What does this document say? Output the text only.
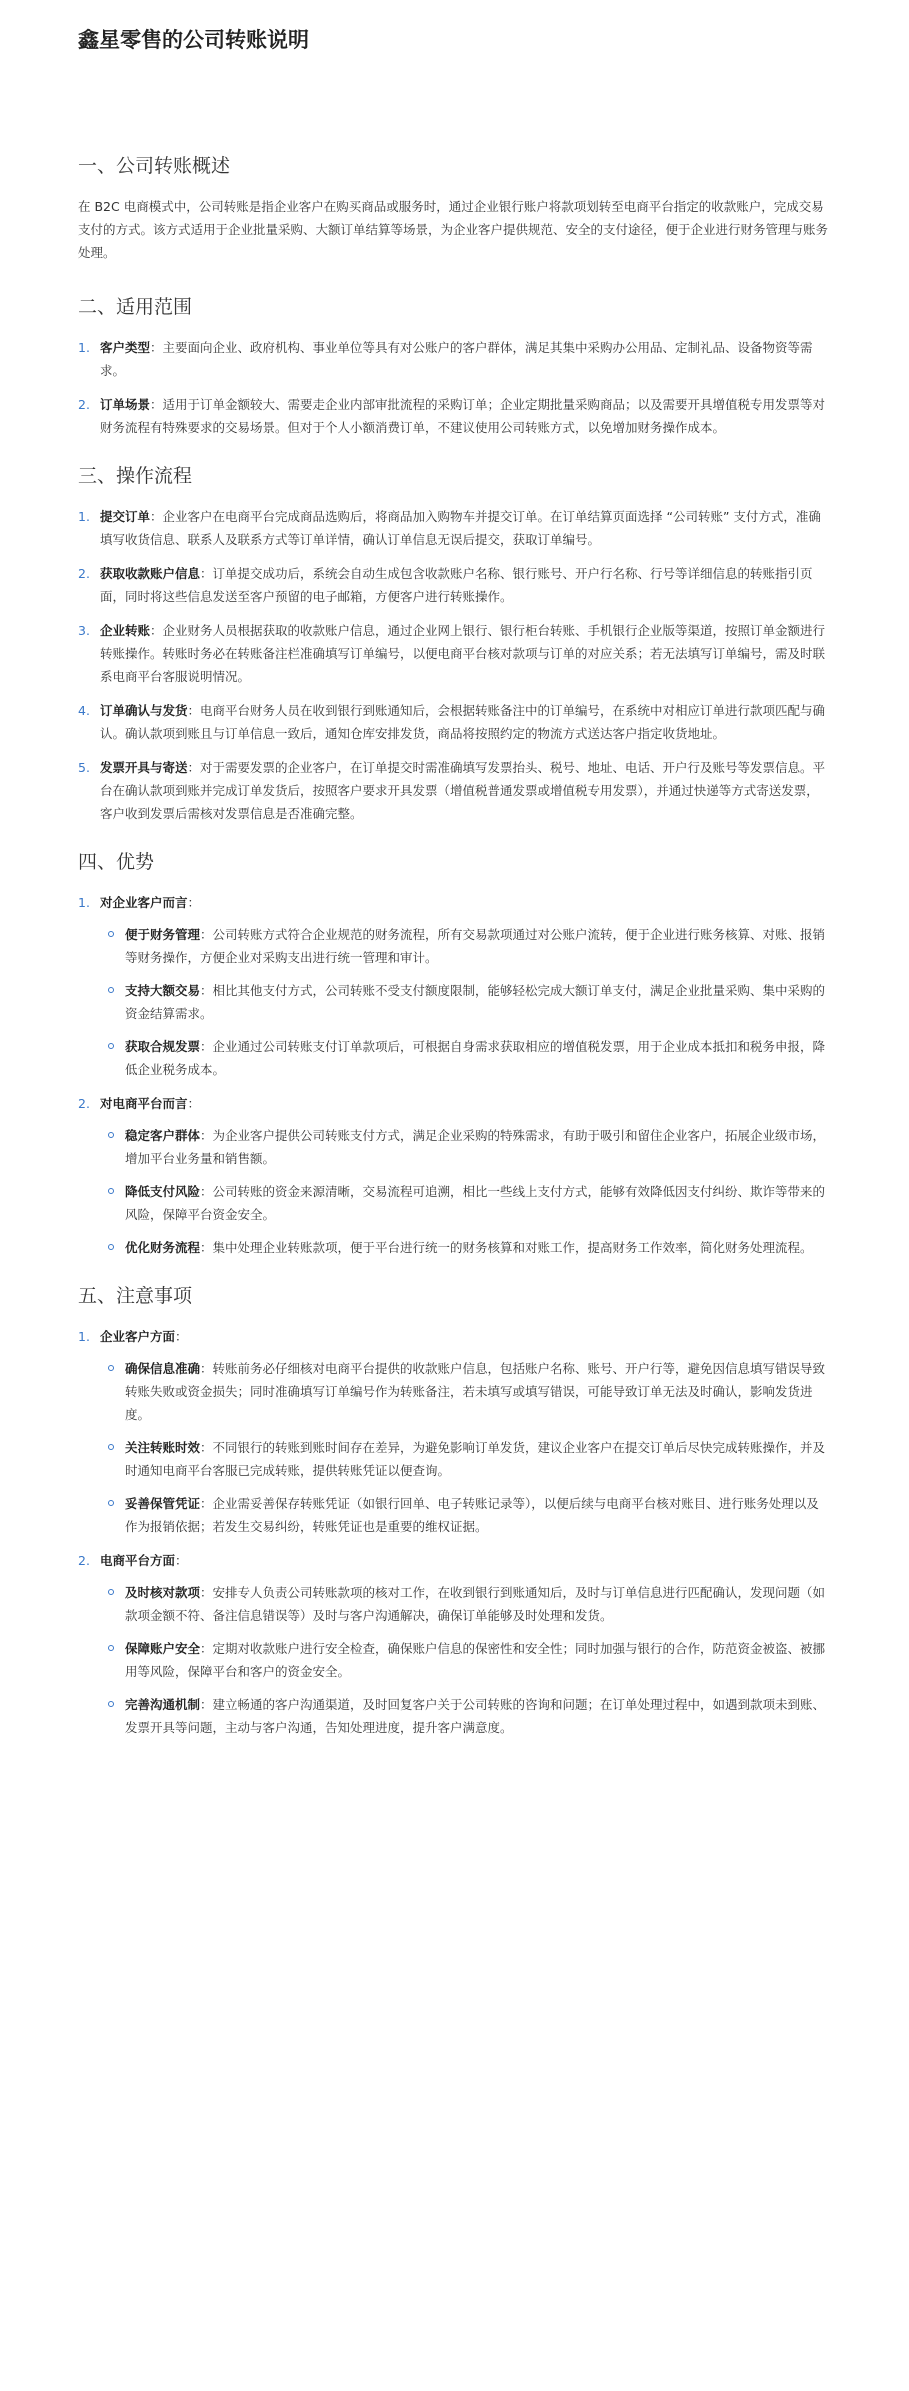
鑫星零售的公司转账说明
一、公司转账概述

在 B2C 电商模式中，公司转账是指企业客户在购买商品或服务时，通过企业银行账户将款项划转至电商平台指定的收款账户，完成交易支付的方式。该方式适用于企业批量采购、大额订单结算等场景，为企业客户提供规范、安全的支付途径，便于企业进行财务管理与账务处理。

二、适用范围
客户类型：主要面向企业、政府机构、事业单位等具有对公账户的客户群体，满足其集中采购办公用品、定制礼品、设备物资等需求。
订单场景：适用于订单金额较大、需要走企业内部审批流程的采购订单；企业定期批量采购商品；以及需要开具增值税专用发票等对财务流程有特殊要求的交易场景。但对于个人小额消费订单，不建议使用公司转账方式，以免增加财务操作成本。
三、操作流程
提交订单：企业客户在电商平台完成商品选购后，将商品加入购物车并提交订单。在订单结算页面选择 “公司转账” 支付方式，准确填写收货信息、联系人及联系方式等订单详情，确认订单信息无误后提交，获取订单编号。
获取收款账户信息：订单提交成功后，系统会自动生成包含收款账户名称、银行账号、开户行名称、行号等详细信息的转账指引页面，同时将这些信息发送至客户预留的电子邮箱，方便客户进行转账操作。
企业转账：企业财务人员根据获取的收款账户信息，通过企业网上银行、银行柜台转账、手机银行企业版等渠道，按照订单金额进行转账操作。转账时务必在转账备注栏准确填写订单编号，以便电商平台核对款项与订单的对应关系；若无法填写订单编号，需及时联系电商平台客服说明情况。
订单确认与发货：电商平台财务人员在收到银行到账通知后，会根据转账备注中的订单编号，在系统中对相应订单进行款项匹配与确认。确认款项到账且与订单信息一致后，通知仓库安排发货，商品将按照约定的物流方式送达客户指定收货地址。
发票开具与寄送：对于需要发票的企业客户，在订单提交时需准确填写发票抬头、税号、地址、电话、开户行及账号等发票信息。平台在确认款项到账并完成订单发货后，按照客户要求开具发票（增值税普通发票或增值税专用发票），并通过快递等方式寄送发票，客户收到发票后需核对发票信息是否准确完整。
四、优势
对企业客户而言：
便于财务管理：公司转账方式符合企业规范的财务流程，所有交易款项通过对公账户流转，便于企业进行账务核算、对账、报销等财务操作，方便企业对采购支出进行统一管理和审计。
支持大额交易：相比其他支付方式，公司转账不受支付额度限制，能够轻松完成大额订单支付，满足企业批量采购、集中采购的资金结算需求。
获取合规发票：企业通过公司转账支付订单款项后，可根据自身需求获取相应的增值税发票，用于企业成本抵扣和税务申报，降低企业税务成本。
对电商平台而言：
稳定客户群体：为企业客户提供公司转账支付方式，满足企业采购的特殊需求，有助于吸引和留住企业客户，拓展企业级市场，增加平台业务量和销售额。
降低支付风险：公司转账的资金来源清晰，交易流程可追溯，相比一些线上支付方式，能够有效降低因支付纠纷、欺诈等带来的风险，保障平台资金安全。
优化财务流程：集中处理企业转账款项，便于平台进行统一的财务核算和对账工作，提高财务工作效率，简化财务处理流程。
五、注意事项
企业客户方面：
确保信息准确：转账前务必仔细核对电商平台提供的收款账户信息，包括账户名称、账号、开户行等，避免因信息填写错误导致转账失败或资金损失；同时准确填写订单编号作为转账备注，若未填写或填写错误，可能导致订单无法及时确认，影响发货进度。
关注转账时效：不同银行的转账到账时间存在差异，为避免影响订单发货，建议企业客户在提交订单后尽快完成转账操作，并及时通知电商平台客服已完成转账，提供转账凭证以便查询。
妥善保管凭证：企业需妥善保存转账凭证（如银行回单、电子转账记录等），以便后续与电商平台核对账目、进行账务处理以及作为报销依据；若发生交易纠纷，转账凭证也是重要的维权证据。
电商平台方面：
及时核对款项：安排专人负责公司转账款项的核对工作，在收到银行到账通知后，及时与订单信息进行匹配确认，发现问题（如款项金额不符、备注信息错误等）及时与客户沟通解决，确保订单能够及时处理和发货。
保障账户安全：定期对收款账户进行安全检查，确保账户信息的保密性和安全性；同时加强与银行的合作，防范资金被盗、被挪用等风险，保障平台和客户的资金安全。
完善沟通机制：建立畅通的客户沟通渠道，及时回复客户关于公司转账的咨询和问题；在订单处理过程中，如遇到款项未到账、发票开具等问题，主动与客户沟通，告知处理进度，提升客户满意度。
